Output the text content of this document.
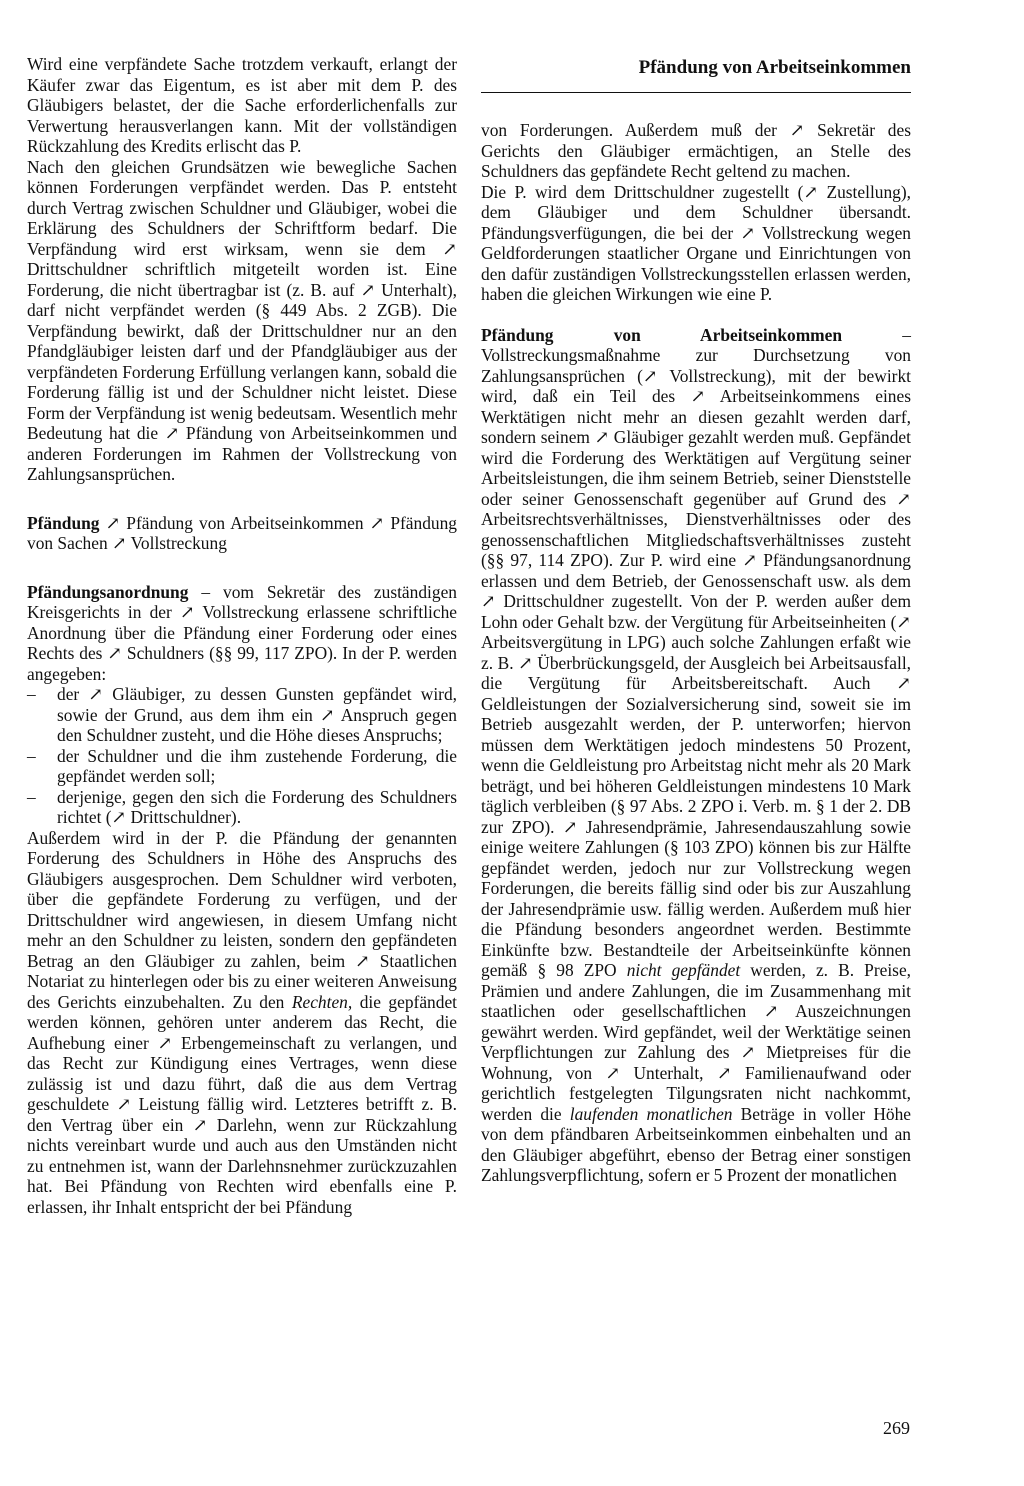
Pfändung von Arbeitseinkommen

Wird eine verpfändete Sache trotzdem verkauft, erlangt der Käufer zwar das Eigentum, es ist aber mit dem P. des Gläubigers belastet, der die Sache erforderlichenfalls zur Verwertung herausverlangen kann. Mit der vollständigen Rückzahlung des Kredits erlischt das P.

Nach den gleichen Grundsätzen wie bewegliche Sachen können Forderungen verpfändet werden. Das P. entsteht durch Vertrag zwischen Schuldner und Gläubiger, wobei die Erklärung des Schuldners der Schriftform bedarf. Die Verpfändung wird erst wirksam, wenn sie dem ↗ Drittschuldner schriftlich mitgeteilt worden ist. Eine Forderung, die nicht übertragbar ist (z. B. auf ↗ Unterhalt), darf nicht verpfändet werden (§ 449 Abs. 2 ZGB). Die Verpfändung bewirkt, daß der Drittschuldner nur an den Pfandgläubiger leisten darf und der Pfandgläubiger aus der verpfändeten Forderung Erfüllung verlangen kann, sobald die Forderung fällig ist und der Schuldner nicht leistet. Diese Form der Verpfändung ist wenig bedeutsam. Wesentlich mehr Bedeutung hat die ↗ Pfändung von Arbeitseinkommen und anderen Forderungen im Rahmen der Vollstreckung von Zahlungsansprüchen.

Pfändung ↗ Pfändung von Arbeitseinkommen ↗ Pfändung von Sachen ↗ Vollstreckung

Pfändungsanordnung – vom Sekretär des zuständigen Kreisgerichts in der ↗ Vollstreckung erlassene schriftliche Anordnung über die Pfändung einer Forderung oder eines Rechts des ↗ Schuldners (§§ 99, 117 ZPO). In der P. werden angegeben:

– der ↗ Gläubiger, zu dessen Gunsten gepfändet wird, sowie der Grund, aus dem ihm ein ↗ Anspruch gegen den Schuldner zusteht, und die Höhe dieses Anspruchs;
– der Schuldner und die ihm zustehende Forderung, die gepfändet werden soll;
– derjenige, gegen den sich die Forderung des Schuldners richtet (↗ Drittschuldner).

Außerdem wird in der P. die Pfändung der genannten Forderung des Schuldners in Höhe des Anspruchs des Gläubigers ausgesprochen. Dem Schuldner wird verboten, über die gepfändete Forderung zu verfügen, und der Drittschuldner wird angewiesen, in diesem Umfang nicht mehr an den Schuldner zu leisten, sondern den gepfändeten Betrag an den Gläubiger zu zahlen, beim ↗ Staatlichen Notariat zu hinterlegen oder bis zu einer weiteren Anweisung des Gerichts einzubehalten. Zu den Rechten, die gepfändet werden können, gehören unter anderem das Recht, die Aufhebung einer ↗ Erbengemeinschaft zu verlangen, und das Recht zur Kündigung eines Vertrages, wenn diese zulässig ist und dazu führt, daß die aus dem Vertrag geschuldete ↗ Leistung fällig wird. Letzteres betrifft z. B. den Vertrag über ein ↗ Darlehn, wenn zur Rückzahlung nichts vereinbart wurde und auch aus den Umständen nicht zu entnehmen ist, wann der Darlehnsnehmer zurückzuzahlen hat. Bei Pfändung von Rechten wird ebenfalls eine P. erlassen, ihr Inhalt entspricht der bei Pfändung

von Forderungen. Außerdem muß der ↗ Sekretär des Gerichts den Gläubiger ermächtigen, an Stelle des Schuldners das gepfändete Recht geltend zu machen.

Die P. wird dem Drittschuldner zugestellt (↗ Zustellung), dem Gläubiger und dem Schuldner übersandt. Pfändungsverfügungen, die bei der ↗ Vollstreckung wegen Geldforderungen staatlicher Organe und Einrichtungen von den dafür zuständigen Vollstreckungsstellen erlassen werden, haben die gleichen Wirkungen wie eine P.

Pfändung von Arbeitseinkommen – Vollstreckungsmaßnahme zur Durchsetzung von Zahlungsansprüchen (↗ Vollstreckung), mit der bewirkt wird, daß ein Teil des ↗ Arbeitseinkommens eines Werktätigen nicht mehr an diesen gezahlt werden darf, sondern seinem ↗ Gläubiger gezahlt werden muß. Gepfändet wird die Forderung des Werktätigen auf Vergütung seiner Arbeitsleistungen, die ihm seinem Betrieb, seiner Dienststelle oder seiner Genossenschaft gegenüber auf Grund des ↗ Arbeitsrechtsverhältnisses, Dienstverhältnisses oder des genossenschaftlichen Mitgliedschaftsverhältnisses zusteht (§§ 97, 114 ZPO). Zur P. wird eine ↗ Pfändungsanordnung erlassen und dem Betrieb, der Genossenschaft usw. als dem ↗ Drittschuldner zugestellt. Von der P. werden außer dem Lohn oder Gehalt bzw. der Vergütung für Arbeitseinheiten (↗ Arbeitsvergütung in LPG) auch solche Zahlungen erfaßt wie z. B. ↗ Überbrückungsgeld, der Ausgleich bei Arbeitsausfall, die Vergütung für Arbeitsbereitschaft. Auch ↗ Geldleistungen der Sozialversicherung sind, soweit sie im Betrieb ausgezahlt werden, der P. unterworfen; hiervon müssen dem Werktätigen jedoch mindestens 50 Prozent, wenn die Geldleistung pro Arbeitstag nicht mehr als 20 Mark beträgt, und bei höheren Geldleistungen mindestens 10 Mark täglich verbleiben (§ 97 Abs. 2 ZPO i. Verb. m. § 1 der 2. DB zur ZPO). ↗ Jahresendprämie, Jahresendauszahlung sowie einige weitere Zahlungen (§ 103 ZPO) können bis zur Hälfte gepfändet werden, jedoch nur zur Vollstreckung wegen Forderungen, die bereits fällig sind oder bis zur Auszahlung der Jahresendprämie usw. fällig werden. Außerdem muß hier die Pfändung besonders angeordnet werden. Bestimmte Einkünfte bzw. Bestandteile der Arbeitseinkünfte können gemäß § 98 ZPO nicht gepfändet werden, z. B. Preise, Prämien und andere Zahlungen, die im Zusammenhang mit staatlichen oder gesellschaftlichen ↗ Auszeichnungen gewährt werden. Wird gepfändet, weil der Werktätige seinen Verpflichtungen zur Zahlung des ↗ Mietpreises für die Wohnung, von ↗ Unterhalt, ↗ Familienaufwand oder gerichtlich festgelegten Tilgungsraten nicht nachkommt, werden die laufenden monatlichen Beträge in voller Höhe von dem pfändbaren Arbeitseinkommen einbehalten und an den Gläubiger abgeführt, ebenso der Betrag einer sonstigen Zahlungsverpflichtung, sofern er 5 Prozent der monatlichen

269
